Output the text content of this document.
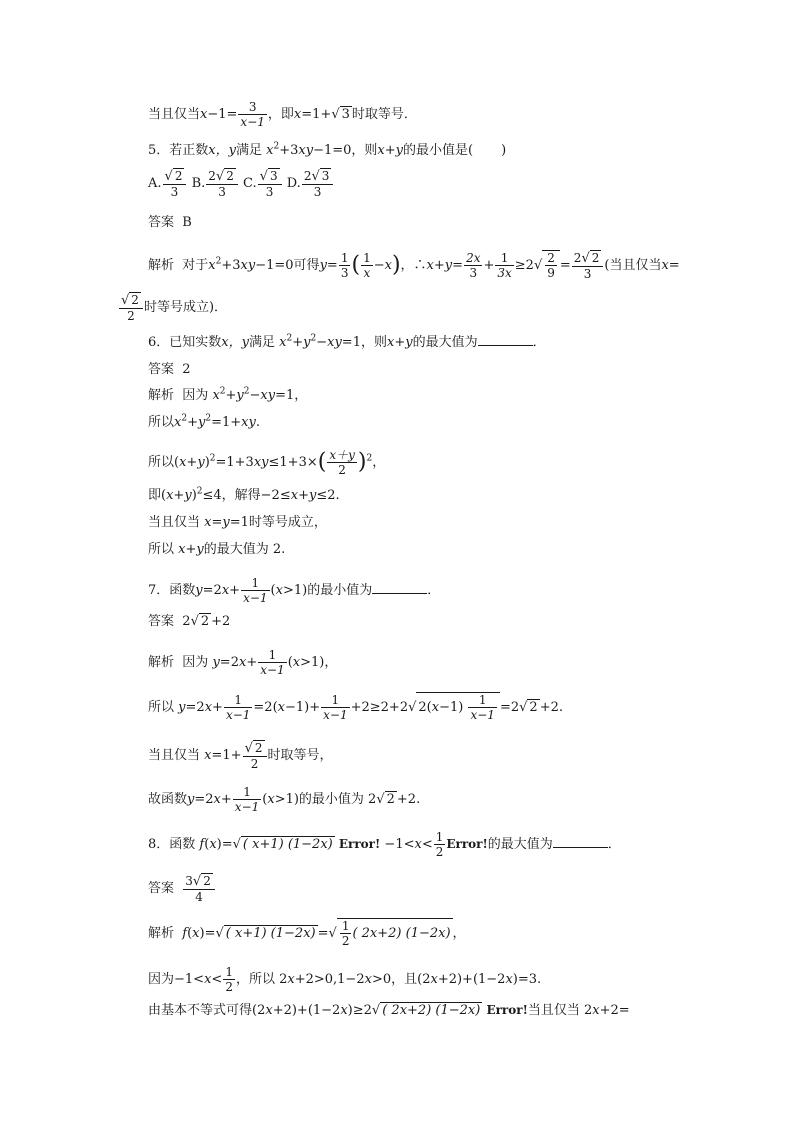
当且仅当$x-1= \frac{3}{x-1}$ ，即x=1+√ 3 时取等号．
5．若正数x，y满足 $x^2+3xy-1=0$，则x+y的最小值是( )
A. $\frac{√ 2}{3} B$. $\frac{2√ 2}{3} C$. $\frac{√ 3}{3} D$. $\frac{2√ 3}{3}$
答案 B
解析 对于$x^2+3xy-1=0$可得$y= \frac{1}{3}$ ( $\frac{1}{x} -x$)，∴x+y= $\frac{2x}{3} + \frac{1}{3x} \ge 2√ \frac{2}{9} = \frac{2√ 2}{3}$ (当且仅当x=
$\frac{√ 2}{2}$ 时等号成立)．
6．已知实数x，y满足 $x^2+y^2-xy=1$，则x+y的最大值为	．
答案 2
解析 因为 $x^2+y^2-xy=1$，
所以$x^2+y^2=1+xy$.
所以$(x+y)^2=1+3xy\le 1+3\times( \frac{x+y}{2} )^2$，
即$(x+y)^2\le 4$，解得−2≤x+y≤2.
当且仅当 x=y=1时等号成立，
所以 x+y的最大值为 2.
7．函数$y=2x+ \frac{1}{x-1} (x>1)$的最小值为	．
答案 2√ 2 +2
解析 因为 $y=2x+ \frac{1}{x-1} (x>1)$，
所以 $y=2x+ \frac{1}{x-1} =2(x-1)+ \frac{1}{x-1} +2\ge 2+2√$ $2(x-1) \frac{1}{x-1} =2√$ 2 +2.
当且仅当 $x=1+ \frac{√ 2}{2}$ 时取等号，
故函数$y=2x+ \frac{1}{x-1} (x>1)$的最小值为 2√ 2 +2.
8．函数 f(x)=√ ( x+1) (1−2x) Error! $-1<x< \frac{1}{2}$ Error!的最大值为	．
答案 $\frac{3√ 2}{4}$
解析 f(x)=√ ( x+1) (1−2x) =√ $\frac{1}{2}$ ( 2x+2) (1−2x) ，
因为$-1<x< \frac{1}{2}$ ，所以 2x+2>0,1−2x>0，且(2x+2)+(1−2x)=3.
由基本不等式可得(2x+2)+(1−2x)≥2√ ( 2x+2) (1−2x) Error!当且仅当 2x+2=
